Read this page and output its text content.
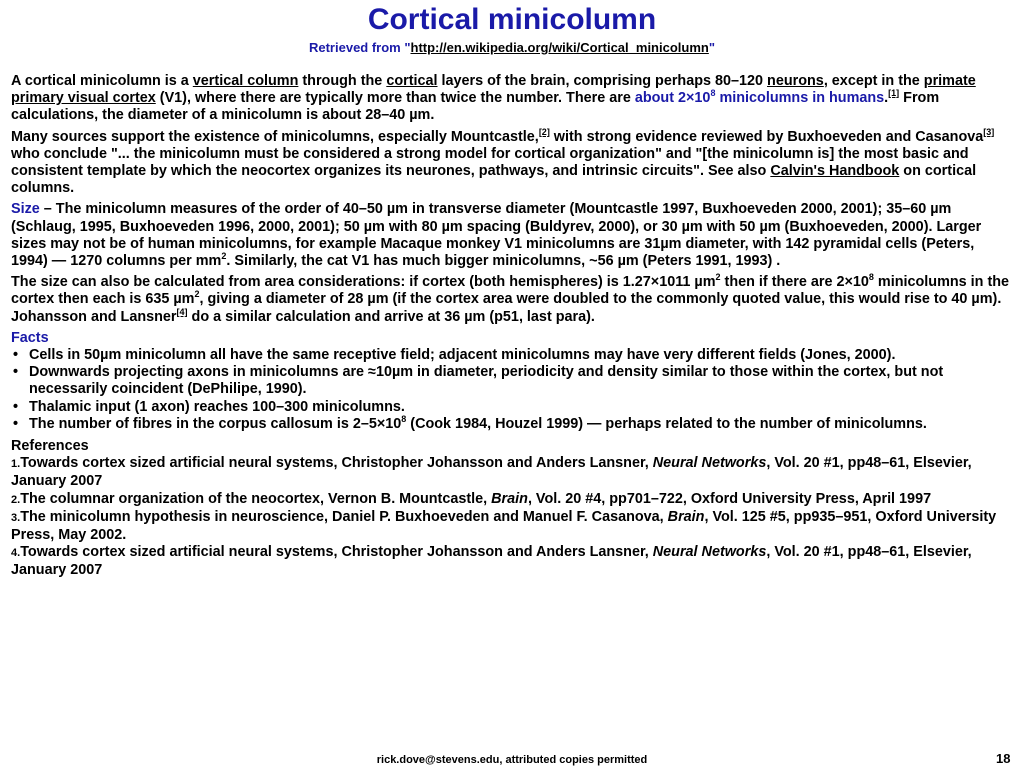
Cortical minicolumn
Retrieved from "http://en.wikipedia.org/wiki/Cortical_minicolumn"

A cortical minicolumn is a vertical column through the cortical layers of the brain, comprising perhaps 80–120 neurons, except in the primate primary visual cortex (V1), where there are typically more than twice the number. There are about 2×10$^8$ minicolumns in humans.[1] From calculations, the diameter of a minicolumn is about 28–40 µm.

Many sources support the existence of minicolumns, especially Mountcastle,[2] with strong evidence reviewed by Buxhoeveden and Casanova[3] who conclude "... the minicolumn must be considered a strong model for cortical organization" and "[the minicolumn is] the most basic and consistent template by which the neocortex organizes its neurones, pathways, and intrinsic circuits". See also Calvin's Handbook on cortical columns.

Size – The minicolumn measures of the order of 40–50 µm in transverse diameter (Mountcastle 1997, Buxhoeveden 2000, 2001); 35–60 µm (Schlaug, 1995, Buxhoeveden 1996, 2000, 2001); 50 µm with 80 µm spacing (Buldyrev, 2000), or 30 µm with 50 µm (Buxhoeveden, 2000). Larger sizes may not be of human minicolumns, for example Macaque monkey V1 minicolumns are 31µm diameter, with 142 pyramidal cells (Peters, 1994) — 1270 columns per $mm^2$. Similarly, the cat V1 has much bigger minicolumns, ~56 µm (Peters 1991, 1993) .

The size can also be calculated from area considerations: if cortex (both hemispheres) is 1.27×1011 µm$^2$ then if there are $2\times 10^8$ minicolumns in the cortex then each is 635 µm$^2$, giving a diameter of 28 µm (if the cortex area were doubled to the commonly quoted value, this would rise to 40 µm). Johansson and Lansner[4] do a similar calculation and arrive at 36 µm (p51, last para).

Facts
• Cells in 50µm minicolumn all have the same receptive field; adjacent minicolumns may have very different fields (Jones, 2000).
• Downwards projecting axons in minicolumns are ≈10µm in diameter, periodicity and density similar to those within the cortex, but not necessarily coincident (DePhilipe, 1990).
• Thalamic input (1 axon) reaches 100–300 minicolumns.
• The number of fibres in the corpus callosum is $2-5\times 10^8$ (Cook 1984, Houzel 1999) — perhaps related to the number of minicolumns.
References
1.Towards cortex sized artificial neural systems, Christopher Johansson and Anders Lansner, Neural Networks, Vol. 20 #1, pp48–61, Elsevier, January 2007
2.The columnar organization of the neocortex, Vernon B. Mountcastle, Brain, Vol. 20 #4, pp701–722, Oxford University Press, April 1997
3.The minicolumn hypothesis in neuroscience, Daniel P. Buxhoeveden and Manuel F. Casanova, Brain, Vol. 125 #5, pp935–951, Oxford University Press, May 2002.
4.Towards cortex sized artificial neural systems, Christopher Johansson and Anders Lansner, Neural Networks, Vol. 20 #1, pp48–61, Elsevier, January 2007
rick.dove@stevens.edu, attributed copies permitted	18
